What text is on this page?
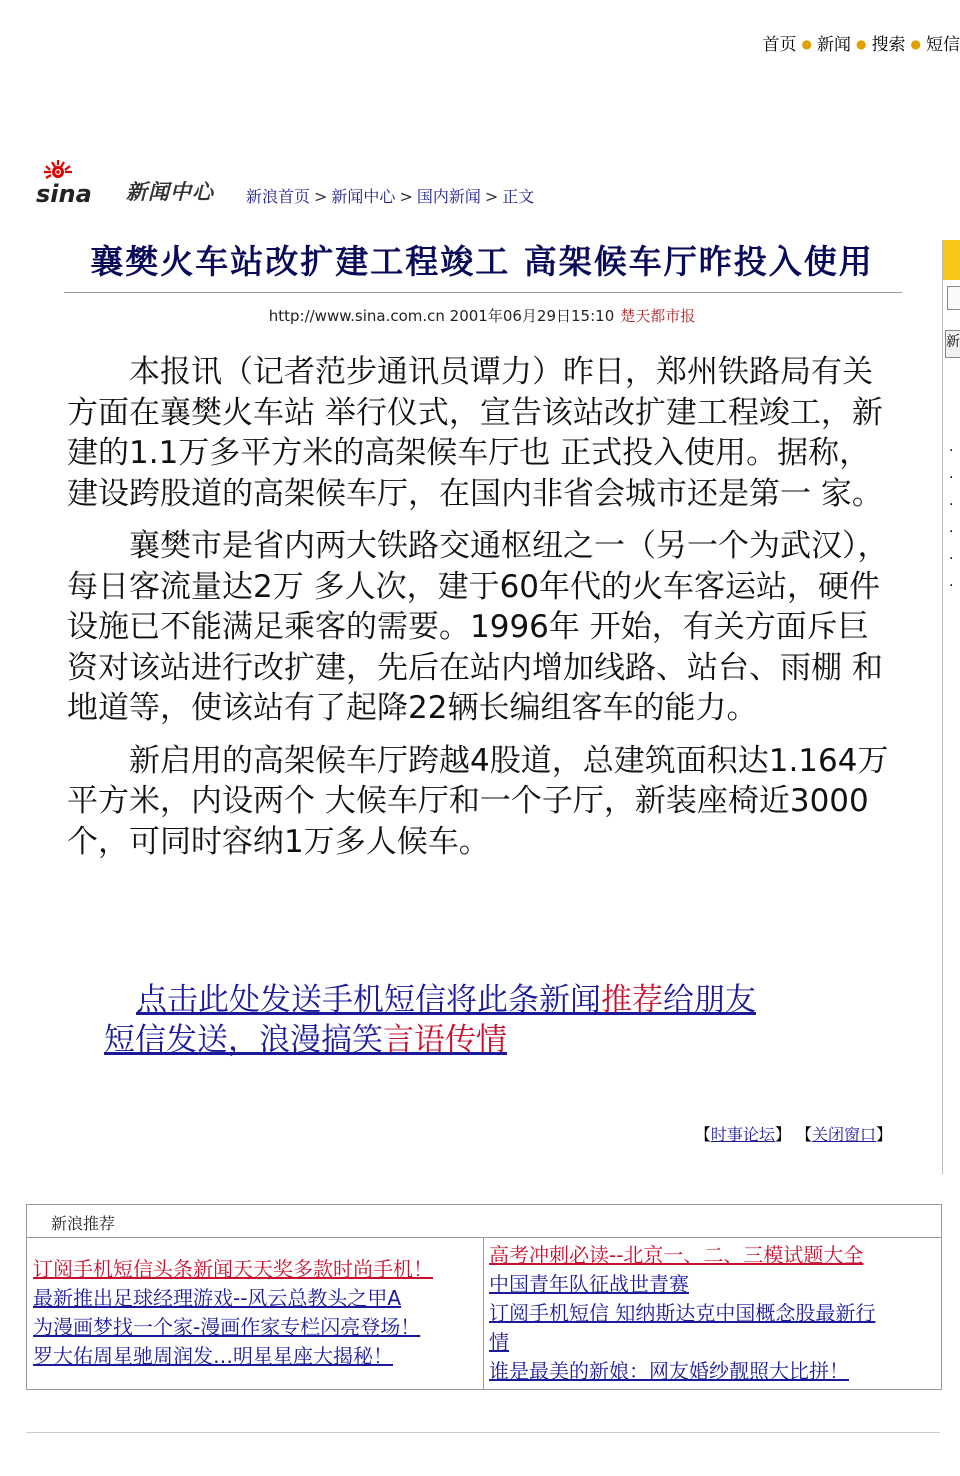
首页 ● 新闻 ● 搜索 ● 短信
sina 新闻中心 新浪首页 > 新闻中心 > 国内新闻 > 正文
新
·
·
·
·
·
·
襄樊火车站改扩建工程竣工 高架候车厅昨投入使用
http://www.sina.com.cn 2001年06月29日15:10 楚天都市报

本报讯（记者范步通讯员谭力）昨日，郑州铁路局有关方面在襄樊火车站 举行仪式，宣告该站改扩建工程竣工，新建的1.1万多平方米的高架候车厅也 正式投入使用。据称，建设跨股道的高架候车厅，在国内非省会城市还是第一 家。

襄樊市是省内两大铁路交通枢纽之一（另一个为武汉），每日客流量达2万 多人次，建于60年代的火车客运站，硬件设施已不能满足乘客的需要。1996年 开始，有关方面斥巨资对该站进行改扩建，先后在站内增加线路、站台、雨棚 和地道等，使该站有了起降22辆长编组客车的能力。

新启用的高架候车厅跨越4股道，总建筑面积达1.164万平方米，内设两个 大候车厅和一个子厅，新装座椅近3000个，可同时容纳1万多人候车。

点击此处发送手机短信将此条新闻推荐给朋友
短信发送，浪漫搞笑言语传情
【时事论坛】 【关闭窗口】
新浪推荐
订阅手机短信头条新闻天天奖多款时尚手机！
最新推出足球经理游戏--风云总教头之甲A
为漫画梦找一个家-漫画作家专栏闪亮登场！
罗大佑周星驰周润发…明星星座大揭秘！
高考冲刺必读--北京一、二、三模试题大全
中国青年队征战世青赛
订阅手机短信 知纳斯达克中国概念股最新行
情
谁是最美的新娘：网友婚纱靓照大比拼！
